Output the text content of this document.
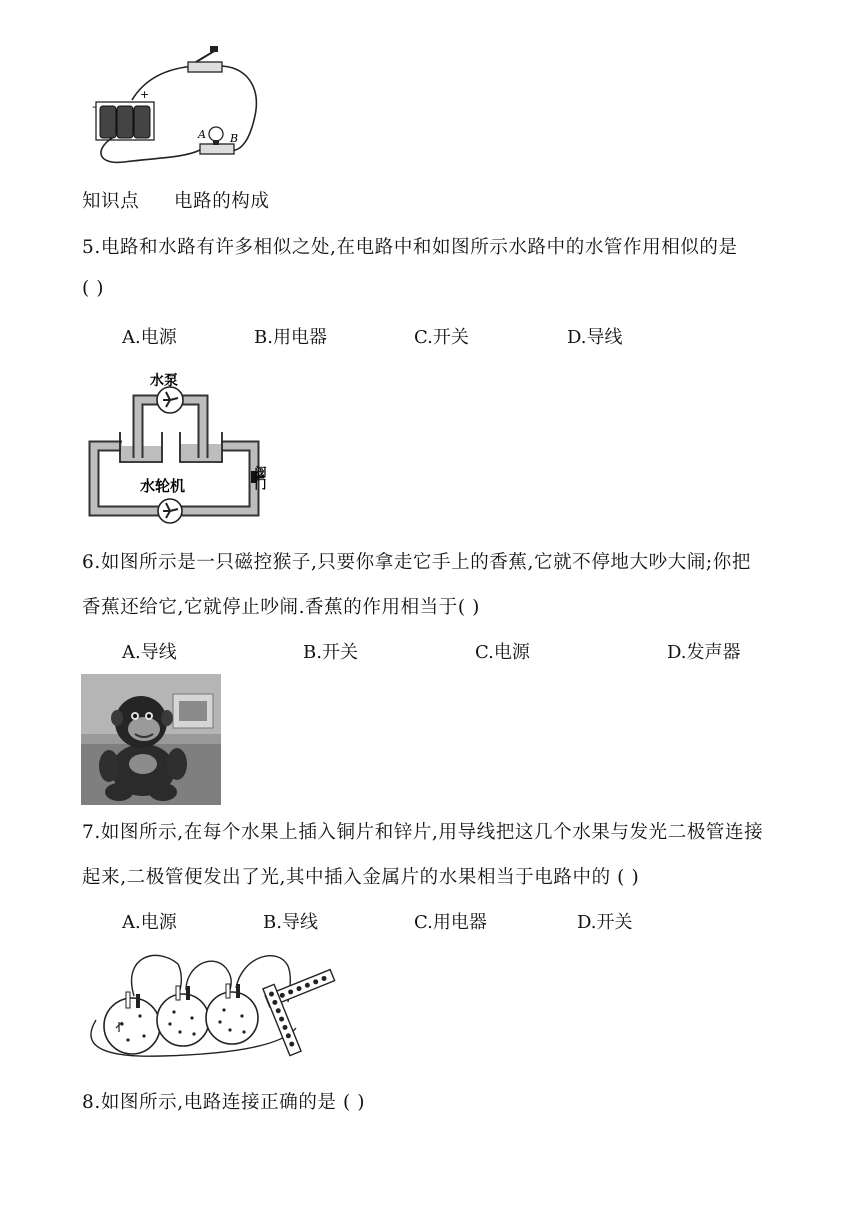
-
+
A B
知识点 电路的构成
5.电路和水路有许多相似之处,在电路中和如图所示水路中的水管作用相似的是
( )
A.电源	B.用电器	C.开关	D.导线
水泵
水轮机	阀门
6.如图所示是一只磁控猴子,只要你拿走它手上的香蕉,它就不停地大吵大闹;你把
香蕉还给它,它就停止吵闹.香蕉的作用相当于( )
A.导线	B.开关	C.电源	D.发声器
7.如图所示,在每个水果上插入铜片和锌片,用导线把这几个水果与发光二极管连接
起来,二极管便发出了光,其中插入金属片的水果相当于电路中的 ( )
A.电源	B.导线	C.用电器	D.开关
8.如图所示,电路连接正确的是 ( )
